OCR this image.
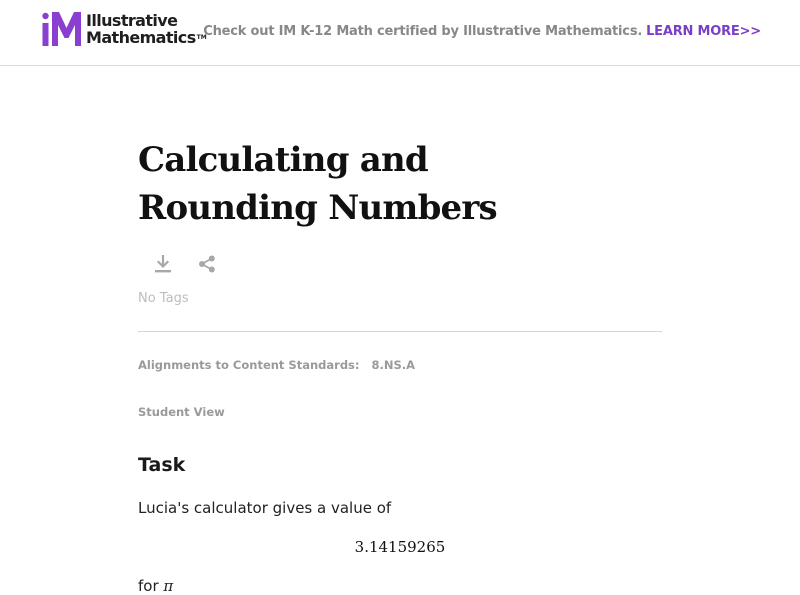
Illustrative
Mathematics™
Check out IM K-12 Math certified by Illustrative Mathematics. LEARN MORE>>
Calculating and
Rounding Numbers
No Tags
Alignments to Content Standards: 8.NS.A
Student View
Task
Lucia's calculator gives a value of
3.14159265
for π
